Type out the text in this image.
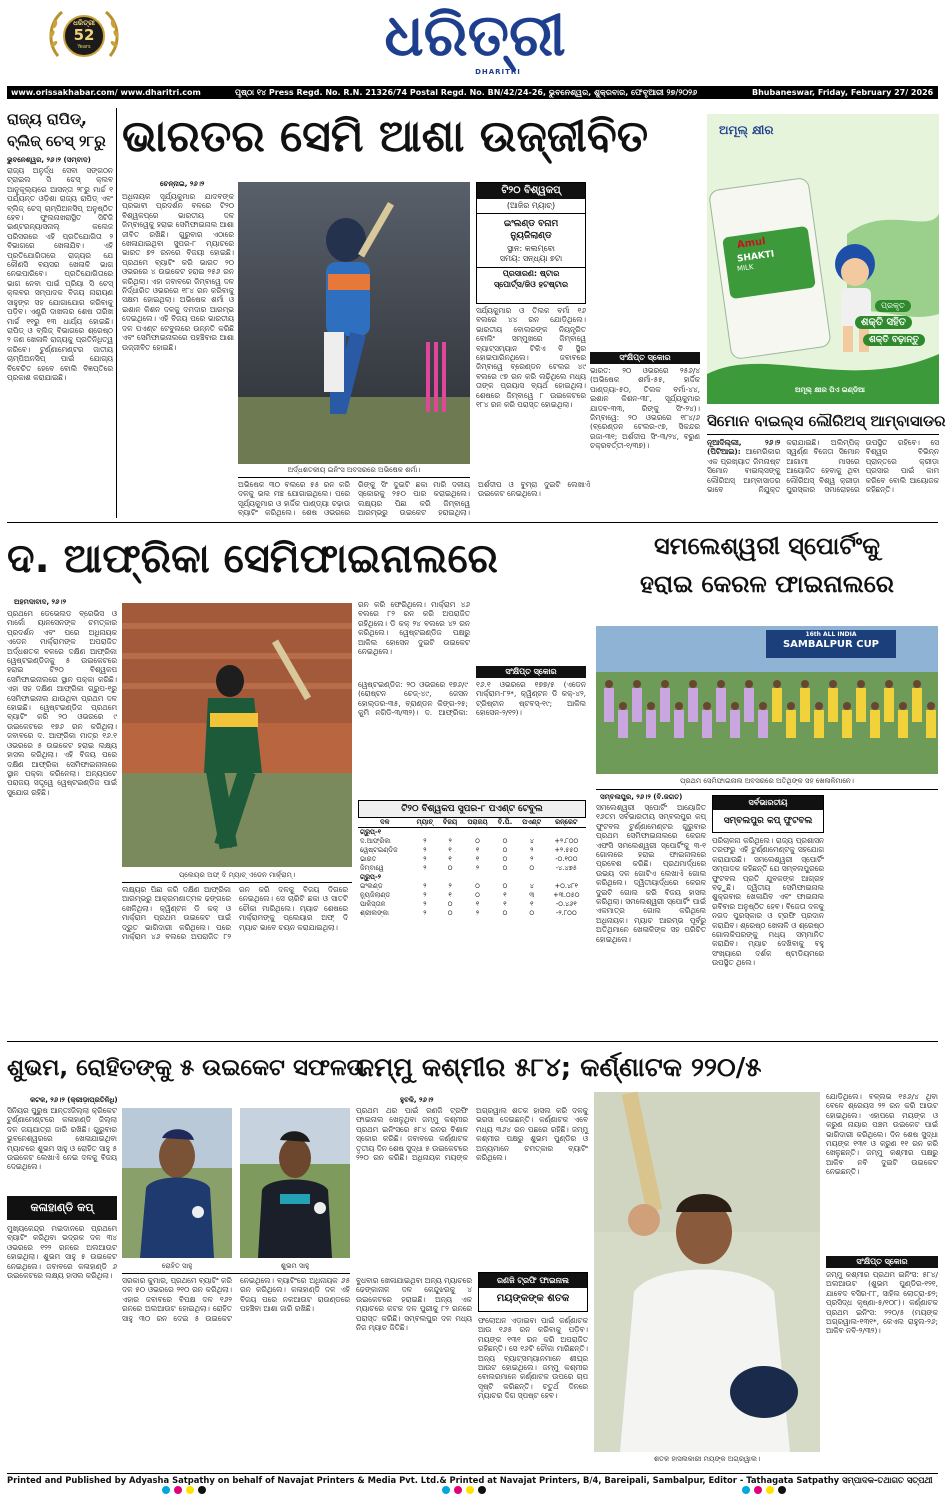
ଧରିତ୍ରୀ
52
Years	ଧରିତ୍ରୀ
DHARITRI
www.orissakhabar.com/ www.dharitri.com	ପୃଷ୍ଠା ୧୪ Press Regd. No. R.N. 21326/74 Postal Regd. No. BN/42/24-26, ଭୁବନେଶ୍ୱର, ଶୁକ୍ରବାର, ଫେବୃଆରୀ ୨୭/୨୦୨୬	Bhubaneswar, Friday, February 27/ 2026
ରାଜ୍ୟ ରାପିଡ୍, ବ୍ଲିଜ୍ ଚେସ୍ ୨୮ରୁ
ଭୁବନେଶ୍ୱର, ୨୬।୨ (ସମ୍ବାଦ)
ରାଜ୍ୟ ଅନୁର୍ଦ୍ଧ ସେବା ସଙ୍ଗଠନ ଟ୍ରାଇଲ ସି ଚେସ୍ କ୍ଲବ ଆନୁକୂଲ୍ୟରେ ଆସନ୍ତା ୨୮ରୁ ମାର୍ଚ୍ଚ ୧ ପର୍ଯ୍ୟନ୍ତ ଓଡ଼ିଶା ରାଜ୍ୟ ରାପିଡ୍ ଏବଂ ବ୍ଲିଜ୍ ଚେସ୍ ଚାମ୍ପିଅନସିପ୍ ଅନୁଷ୍ଠିତ ହେବ। ଫୁଲନାଖରାସ୍ଥିତ ସିଟିଜି ଇଣ୍ଟରନ୍ୟାସନାଲ୍ କଲେଜ ପରିସରରେ ଏହି ପ୍ରତିଯୋଗିତା ୨ ବିଭାଗରେ ଖେଳାଯିବ। ଏହି ପ୍ରତିଯୋଗିତାରେ ରାଜ୍ୟର ଯେ କୌଣସି ବୟସର ଖେଳାଳି ଭାଗ ନେଇପାରିବେ। ପ୍ରତିଯୋଗିତାରେ ଭାଗ ନେବା ପାଇଁ ପ୍ରିୟା ସି ଚେସ୍ କ୍ଲବର ସମ୍ପାଦକ ବିଜୟ ନାରାୟଣ ସାହୁଙ୍କ ସହ ଯୋଗାଯୋଗ କରିବାକୁ ପଡ଼ିବ। ଏଣ୍ଟ୍ରି ଦାଖଲର ଶେଷ ତାରିଖ ମାର୍ଚ୍ଚ ୧୧ରୁ ୧୩ ଧାର୍ଯ୍ୟ ହୋଇଛି। ରାପିଡ୍ ଓ ବ୍ଲିଜ୍ ବିଭାଗରେ ଶ୍ରେଷ୍ଠ ୨ ଜଣ ଖେଳାଳି ରାଜ୍ୟକୁ ପ୍ରତିନିଧିତ୍ୱ କରିବେ। ଟୁର୍ଣ୍ଣାମେଣ୍ଟର ଜାତୀୟ ଚାମ୍ପିଅନସିପ୍ ପାଇଁ ଯୋଗ୍ୟ ବିବେଚିତ ହେବେ ବୋଲି ବିଜ୍ଞପ୍ତିରେ ପ୍ରକାଶ କରାଯାଇଛି।
ଭାରତର ସେମି ଆଶା ଉଜ୍ଜୀବିତ
ଚେନ୍ନାଇ, ୨୬।୨
ଅଧିନାୟକ ସୂର୍ଯ୍ୟକୁମାର ଯାଦବଙ୍କ ପ୍ରଭାବୀ ପ୍ରଦର୍ଶନ ବଳରେ ଟି୨୦ ବିଶ୍ୱକପ୍ରେ ଭାରତୀୟ ଦଳ ଜିମ୍ବାୱେକୁ ହରାଇ ସେମିଫାଇନାଲ ଆଶା ଜୀବିତ ରଖିଛି। ଗୁରୁବାର ଏଠାରେ ଖେଳାଯାଇଥିବା ସୁପର-୮ ମ୍ୟାଚରେ ଭାରତ ୭୨ ରନରେ ବିଜୟୀ ହୋଇଛି। ପ୍ରଥମେ ବ୍ୟାଟିଂ କରି ଭାରତ ୨୦ ଓଭରରେ ୪ ଉଇକେଟ ହରାଇ ୨୫୬ ରନ କରିଥିଲା। ଏହା ଜବାବରେ ଜିମ୍ବାୱେ ଦଳ ନିର୍ଦ୍ଧାରିତ ଓଭରରେ ୧୮୪ ରନ କରିବାକୁ ସକ୍ଷମ ହୋଇଥିଲା। ଅଭିଷେକ ଶର୍ମା ଓ ଇଶାନ କିଶନ ଦଳକୁ ଦମଦାର ଆରମ୍ଭ ଦେଇଥିଲେ। ଏହି ବିଜୟ ପରେ ଭାରତୀୟ ଦଳ ପଏଣ୍ଟ ଟେବୁଲରେ ଉନ୍ନତି କରିଛି ଏବଂ ସେମିଫାଇନାଲରେ ପହଞ୍ଚିବାର ଆଶା ଉଜ୍ଜୀବିତ ହୋଇଛି।
ଅର୍ଦ୍ଧଶତକୀୟ ଇନିଂସ ଅବସରରେ ଅଭିଷେକ ଶର୍ମା।
ଅଭିଷେକ ୩୦ ବଲରେ ୫୫ ରନ କରି ଦଳକୁ ଭଲ ମଞ୍ଚ ଯୋଗାଇଥିଲେ। ପରେ ସୂର୍ଯ୍ୟକୁମାର ଓ ହାର୍ଦ୍ଦିକ ପାଣ୍ଡ୍ୟା ଚଢ଼ାଉ ବ୍ୟାଟିଂ କରିଥିଲେ। ଶେଷ ଓଭରରେ ରିଙ୍କୁ ସିଂ ଦୁଇଟି ଛକା ମାରି ଦଳୀୟ ସ୍କୋରକୁ ୨୫୦ ପାର କରାଇଥିଲେ। ଲକ୍ଷ୍ୟର ପିଛା କରି ଜିମ୍ବାୱେ ଆରମ୍ଭରୁ ଉଇକେଟ ହରାଇଥିଲା। ଅର୍ଶଦୀପ ଓ ବୁମ୍ରା ଦୁଇଟି ଲେଖାଏଁ ଉଇକେଟ ନେଇଥିଲେ।
ଟି୨୦ ବିଶ୍ୱକପ୍
(ଆଜିର ମ୍ୟାଚ୍)
ଇଂଲଣ୍ଡ ବନାମ ନ୍ୟୁଜିଲାଣ୍ଡ
ସ୍ଥାନ: କଲମ୍ବୋ
ସମୟ: ସନ୍ଧ୍ୟା ୭ଟା
ପ୍ରସାରଣ: ଷ୍ଟାର
ସ୍ପୋର୍ଟ୍ସ/ଜିଓ ହଟଷ୍ଟାର
ସର୍ଯ୍ୟକୁମାର ଓ ତିଲକ ବର୍ମା ୧୬ ବଲରେ ୪୪ ରନ ଯୋଡ଼ିଥିଲେ। ଭାରତୀୟ ବୋଲରଙ୍କ ନିୟନ୍ତ୍ରିତ ବୋଲିଂ ସମ୍ମୁଖରେ ଜିମ୍ବାୱେ ବ୍ୟାଟ୍ସମ୍ୟାନ ଟିକିଏ ବି ସ୍ଥିର ହୋଇପାରିନଥିଲେ। ଜବାବରେ ଜିମ୍ବାୱେ ବ୍ରେଣ୍ଡନ ଟେଲର ୪୯ ବଲରେ ୯୭ ରନ କରି ଲଢ଼ିଥିଲେ ମଧ୍ୟ ତାଙ୍କ ପ୍ରୟାସ ବ୍ୟର୍ଥ ହୋଇଥିଲା। ଶେଷରେ ଜିମ୍ବାୱେ ୮ ଉଇକେଟରେ ୧୮୪ ରନ କରି ପରାସ୍ତ ହୋଇଥିଲା।
ସଂକ୍ଷିପ୍ତ ସ୍କୋର
ଭାରତ: ୨୦ ଓଭରରେ ୨୫୬/୪ (ଅଭିଷେକ ଶର୍ମା-୫୫, ହାର୍ଦ୍ଦିକ ପାଣ୍ଡ୍ୟା-୫୦, ତିଲକ ବର୍ମା-୪୪, ଇଶାନ କିଶନ-୩୮, ସୂର୍ଯ୍ୟକୁମାର ଯାଦବ-୩୩, ରିଙ୍କୁ ସିଂ-୨୪)। ଜିମ୍ବାୱେ: ୨୦ ଓଭରରେ ୧୮୪/୬ (ବ୍ରେଣ୍ଡନ ଟେଲର-୯୭, ସିକନ୍ଦର ରଜା-୩୧; ଅର୍ଶଦୀପ ସିଂ-୩/୨୪, ବରୁଣ ଚକ୍ରବର୍ତ୍ତୀ-୧/୩୭)।
ଅମୂଲ୍ କ୍ଷୀର
Amul
SHAKTI
MILK
ପ୍ରକୃତ
ଶକ୍ତି ସହିତ
ଶକ୍ତି ବଢ଼ାନ୍ତୁ
ଅମୂଲ୍ କ୍ଷୀର ପିଏ ଇଣ୍ଡିଆ
ସିମୋନ ବାଇଲ୍ସ ଲୌରିଅସ୍ ଆମ୍ବାସାଡର
ନୂଆଦିଲ୍ଲୀ, ୨୬।୨ (ପିଟିଆଇ): ଆମେରିକାର ଏକ ପ୍ରଖ୍ୟାତ ଜିମନାଷ୍ଟ ସିମୋନ ବାଇଲ୍ସଙ୍କୁ ଲୌରିଅସ୍ ଆମ୍ବାସାଡର ଭାବେ ନିଯୁକ୍ତ କରାଯାଇଛି। ଅଲିମ୍ପିକ୍ ସ୍ୱର୍ଣ୍ଣ ବିଜେତା ସିମୋନ ଆଗାମୀ ମାସରେ ଆୟୋଜିତ ହେବାକୁ ଥିବା ଲୌରିଅସ୍ ବିଶ୍ୱ କ୍ରୀଡ଼ା ପୁରସ୍କାର ସମାରୋହରେ ଉପସ୍ଥିତ ରହିବେ। ସେ ବିଶ୍ୱର ବିଭିନ୍ନ ପ୍ରାନ୍ତରେ କ୍ରୀଡ଼ା ପ୍ରସାର ପାଇଁ କାମ କରିବେ ବୋଲି ଆୟୋଜକ କହିଛନ୍ତି।
ଦ. ଆଫ୍ରିକା ସେମିଫାଇନାଲରେ
ଅହମଦାବାଦ, ୨୬।୨
ପ୍ରଥମେ ଡେଭେଲଡ ବ୍ରେଭିସ ଓ ମାର୍କୋ ୟାନସେନଙ୍କ ଚମତ୍କାର ପ୍ରଦର୍ଶନ ଏବଂ ପରେ ଅଧିନାୟକ ଏଡେନ ମାର୍କ୍ରାମଙ୍କ ଅପରାଜିତ ଅର୍ଦ୍ଧଶତକ ବଳରେ ଦକ୍ଷିଣ ଆଫ୍ରିକା ୱେଷ୍ଟଇଣ୍ଡିଜକୁ ୫ ଉଇକେଟରେ ହରାଇ ଟି୨୦ ବିଶ୍ୱକପ ସେମିଫାଇନାଲରେ ସ୍ଥାନ ପକ୍କା କରିଛି। ଏହା ସହ ଦକ୍ଷିଣ ଆଫ୍ରିକା ଗ୍ରୁପ-୧ରୁ ସେମିଫାଇନାଲ ଯାଉଥିବା ପ୍ରଥମ ଦଳ ହୋଇଛି। ୱେଷ୍ଟଇଣ୍ଡିଜ ପ୍ରଥମେ ବ୍ୟାଟିଂ କରି ୨୦ ଓଭରରେ ୯ ଉଇକେଟରେ ୧୭୬ ରନ କରିଥିଲା। ଜବାବରେ ଦ. ଆଫ୍ରିକା ମାତ୍ର ୧୬.୧ ଓଭରରେ ୫ ଉଇକେଟ ହରାଇ ଲକ୍ଷ୍ୟ ହାସଲ କରିଥିଲା। ଏହି ବିଜୟ ପରେ ଦକ୍ଷିଣ ଆଫ୍ରିକା ସେମିଫାଇନାଲରେ ସ୍ଥାନ ପକ୍କା କରିନେଲା। ଅନ୍ୟପଟେ ପରାଜୟ ସତ୍ତ୍ୱେ ୱେଷ୍ଟଇଣ୍ଡିଜ ପାଇଁ ସୁଯୋଗ ରହିଛି।
ପ୍ଲେୟର ଅଫ୍ ଦି ମ୍ୟାଚ୍ ଏଡେନ ମାର୍କ୍ରାମ୍।
ଲକ୍ଷ୍ୟର ପିଛା କରି ଦକ୍ଷିଣ ଆଫ୍ରିକା ଆରମ୍ଭରୁ ଆକ୍ରମଣାତ୍ମକ ଢଙ୍ଗରେ ଖେଳିଥିଲା। କ୍ୱିଣ୍ଟନ ଡି କକ୍ ଓ ମାର୍କ୍ରାମ ପ୍ରଥମ ଉଇକେଟ ପାଇଁ ଦ୍ରୁତ ଭାଗିଦାରୀ କରିଥିଲେ। ପରେ ମାର୍କ୍ରାମ ୪୬ ବଲରେ ଅପରାଜିତ ୮୨ ରନ କରି ଦଳକୁ ବିଜୟ ଦିଗରେ ନେଇଥିଲେ। ସେ ଚାରିଟି ଛକା ଓ ସାତଟି ଚୌକା ମାରିଥିଲେ। ମ୍ୟାଚ ଶେଷରେ ମାର୍କ୍ରାମଙ୍କୁ ପ୍ଲେୟାର ଅଫ୍ ଦି ମ୍ୟାଚ ଭାବେ ଚୟନ କରାଯାଇଥିଲା।
ରନ କରି ଫେରିଥିଲେ। ମାର୍କ୍ରାମ ୪୬ ବଲରେ ୮୨ ରନ କରି ଅପରାଜିତ ରହିଥିଲେ। ଡି କକ୍ ୨୪ ବଲରେ ୪୨ ରନ କରିଥିଲେ। ୱେଷ୍ଟଇଣ୍ଡିଜ ପକ୍ଷରୁ ଆକିଲ ହୋସେନ ଦୁଇଟି ଉଇକେଟ ନେଇଥିଲେ।
ସଂକ୍ଷିପ୍ତ ସ୍କୋର
ୱେଷ୍ଟଇଣ୍ଡିଜ: ୨୦ ଓଭରରେ ୧୭୬/୯ (ରୋଷ୍ଟନ ଚେଜ୍-୪୯, ଜେସନ ହୋଲ୍ଡର-୩୫, ବ୍ରାଣ୍ଡନ କିଙ୍ଗ-୨୫; କୁମି ନଗିଡି-୩/୩୨)। ଦ. ଆଫ୍ରିକା: ୧୬.୧ ଓଭରରେ ୧୭୭/୫ (ଏଡେନ ମାର୍କ୍ରାମ-୮୨*, କ୍ୱିଣ୍ଟନ ଡି କକ୍-୪୨, ଟ୍ରିଷ୍ଟାନ ଷ୍ଟବସ୍-୧୯; ଆକିଲ ହୋସେନ-୨/୧୨)।
ଟି୨୦ ବିଶ୍ୱକପ ସୁପର-୮ ପଏଣ୍ଟ ଟେବୁଲ
ଦଳ	ମ୍ୟାଚ୍	ବିଜୟ	ପରାଜୟ	ବି.ପି.	ପଏଣ୍ଟ	ରନ୍‌ରେଟ
ଗ୍ରୁପ୍-୧						
ଦ.ଆଫ୍ରିକା	୨	୨	୦	୦	୪	+୨.୮୦୦
ୱେଷ୍ଟଇଣ୍ଡିଜ	୨	୧	୧	୦	୨	+୨.୫୫୦
ଭାରତ	୨	୧	୧	୦	୨	-୦.୧୦୦
ଜିମ୍ବାୱେ	୨	୦	୨	୦	୦	-୪.୪୭୫
ଗ୍ରୁପ୍-୨						
ଇଂଲଣ୍ଡ	୨	୨	୦	୦	୪	+୦.୪୮୧
ନ୍ୟୁଜିଲାଣ୍ଡ	୨	୧	୦	୧	୩	+୩.୦୫୦
ପାକିସ୍ତାନ	୨	୦	୧	୧	୧	-୦.୪୬୧
ଶ୍ରୀଲଙ୍କା	୨	୦	୨	୦	୦	-୨.୮୦୦
ସମଲେଶ୍ୱରୀ ସ୍ପୋର୍ଟିଂକୁ
ହରାଇ କେରଳ ଫାଇନାଲରେ
16th ALL INDIA
SAMBALPUR CUP
ପ୍ରଥମ ସେମିଫାଇନାଲ ଅବସରରେ ଅତିଥିଙ୍କ ସହ ଖେଳାଳିମାନେ।
ସମ୍ବଲପୁର, ୨୬।୨ (ବି.ଜଗତ)
ସମଲେଶ୍ୱରୀ ସ୍ପୋର୍ଟିଂ ଆୟୋଜିତ ୧୬ତମ ସର୍ବଭାରତୀୟ ସମ୍ବଲପୁର କପ୍ ଫୁଟବଲ ଟୁର୍ଣ୍ଣାମେଣ୍ଟର ଗୁରୁବାର ପ୍ରଥମ ସେମିଫାଇନାଲରେ କେରଳ ଏଫସି ସମଲେଶ୍ୱରୀ ସ୍ପୋର୍ଟିଂକୁ ୩-୧ ଗୋଲରେ ହରାଇ ଫାଇନାଲରେ ପ୍ରବେଶ କରିଛି। ପ୍ରଥମାର୍ଦ୍ଧରେ ଉଭୟ ଦଳ ଗୋଟିଏ ଲେଖାଏଁ ଗୋଲ କରିଥିଲେ। ଦ୍ୱିତୀୟାର୍ଦ୍ଧରେ କେରଳ ଦୁଇଟି ଗୋଲ କରି ବିଜୟ ହାସଲ କରିଥିଲା। ସମଲେଶ୍ୱରୀ ସ୍ପୋର୍ଟିଂ ପାଇଁ ଏକମାତ୍ର ଗୋଲ କରିଥିଲେ ଅଧିନାୟକ। ମ୍ୟାଚ ଆରମ୍ଭ ପୂର୍ବରୁ ଅତିଥିମାନେ ଖେଳାଳିଙ୍କ ସହ ପରିଚିତ ହୋଇଥିଲେ।
ସର୍ବଭାରତୀୟ
ସମ୍ବଲପୁର କପ୍ ଫୁଟବଲ
ପରିଚାଳନା କରିଥିଲେ। ରାଜ୍ୟ ପ୍ରଶାସନ ତରଫରୁ ଏହି ଟୁର୍ଣ୍ଣାମେଣ୍ଟକୁ ସହଯୋଗ କରାଯାଉଛି। ସମଲେଶ୍ୱରୀ ସ୍ପୋର୍ଟିଂ ସମ୍ପାଦକ କହିଛନ୍ତି ଯେ ସମ୍ବଲପୁରରେ ଫୁଟବଲ ପ୍ରତି ଯୁବକଙ୍କ ଆଗ୍ରହ ବଢ଼ୁଛି। ଦ୍ୱିତୀୟ ସେମିଫାଇନାଲ ଶୁକ୍ରବାର ଖେଳାଯିବ ଏବଂ ଫାଇନାଲ ରବିବାର ଅନୁଷ୍ଠିତ ହେବ। ବିଜେତା ଦଳକୁ ନଗଦ ପୁରସ୍କାର ଓ ଟ୍ରଫି ପ୍ରଦାନ କରାଯିବ। ଶ୍ରେଷ୍ଠ ଖେଳାଳି ଓ ଶ୍ରେଷ୍ଠ ଗୋଲକିପରଙ୍କୁ ମଧ୍ୟ ସମ୍ମାନିତ କରାଯିବ। ମ୍ୟାଚ ଦେଖିବାକୁ ବହୁ ସଂଖ୍ୟାରେ ଦର୍ଶକ ଷ୍ଟାଡିୟମରେ ଉପସ୍ଥିତ ଥିଲେ।
ଶୁଭମ, ରୋହିତଙ୍କୁ ୫ ଉଇକେଟ ସଫଳତା
କଟକ, ୨୬।୨ (କ୍ରୀଡ଼ାପ୍ରତିନିଧି)
ସିନିୟର ପୁରୁଷ ଆନ୍ତଃଜିଲ୍ଲା କ୍ରିକେଟ ଟୁର୍ଣ୍ଣାମେଣ୍ଟରେ କଳାହାଣ୍ଡି ଜିଲ୍ଲା ଦଳ ଜୟଯାତ୍ରା ଜାରି ରଖିଛି। ଗୁରୁବାର ଭୁବନେଶ୍ୱରରେ ଖେଳାଯାଇଥିବା ମ୍ୟାଚରେ ଶୁଭମ ସାହୁ ଓ ରୋହିତ ସାହୁ ୫ ଉଇକେଟ ଲେଖାଏଁ ନେଇ ଦଳକୁ ବିଜୟ ଦେଇଥିଲେ।
କଳାହାଣ୍ଡି କପ୍
ମୁଖ୍ୟକେନ୍ଦ୍ର ମଇଦାନରେ ପ୍ରଥମେ ବ୍ୟାଟିଂ କରିଥିବା ଭଦ୍ରକ ଦଳ ୩୪ ଓଭରରେ ୧୨୨ ରନରେ ଅଲଆଉଟ ହୋଇଥିଲା। ଶୁଭମ ସାହୁ ୫ ଉଇକେଟ ନେଇଥିଲେ। ଜବାବରେ କଳାହାଣ୍ଡି ୬ ଉଇକେଟରେ ଲକ୍ଷ୍ୟ ହାସଲ କରିଥିଲା।
ରୋହିତ ସାହୁ	ଶୁଭମ ସାହୁ
ସରକାର କୁମାର, ପ୍ରଥମେ ବ୍ୟାଟିଂ କରି ଦଳ ୫୦ ଓଭରରେ ୨୧୦ ରନ କରିଥିଲା। ଏହାର ଜବାବରେ ବିପକ୍ଷ ଦଳ ୧୬୨ ରନରେ ଅଲଆଉଟ ହୋଇଥିଲା। ରୋହିତ ସାହୁ ୩୦ ରନ ଦେଇ ୫ ଉଇକେଟ ନେଇଥିଲେ। ବ୍ୟାଟିଂରେ ଅଧିନାୟକ ୬୫ ରନ କରିଥିଲେ। କଳାହାଣ୍ଡି ଦଳ ଏହି ବିଜୟ ପରେ ନକଆଉଟ ରାଉଣ୍ଡରେ ପହଞ୍ଚିବା ଆଶା ଜାରି ରଖିଛି।
ବୁଧବାର ଖେଳାଯାଇଥିବା ଅନ୍ୟ ମ୍ୟାଚରେ ଢେଙ୍କାନାଳ ଦଳ କେନ୍ଦୁଝରକୁ ୪ ଉଇକେଟରେ ହରାଇଛି। ଅନ୍ୟ ଏକ ମ୍ୟାଚରେ କଟକ ଦଳ ପୁରୀକୁ ୮୨ ରନରେ ପରାସ୍ତ କରିଛି। ସମ୍ବଲପୁର ଦଳ ମଧ୍ୟ ନିଜ ମ୍ୟାଚ ଜିତିଛି।
ଜମ୍ମୁ କଶ୍ମୀର ୫୮୪; କର୍ଣ୍ଣାଟକ ୨୨୦/୫
ହୁବଳି, ୨୬।୨
ପ୍ରଥମ ଥର ପାଇଁ ରଣଜି ଟ୍ରଫି ଫାଇନାଲ ଖେଳୁଥିବା ଜମ୍ମୁ କଶ୍ମୀର ପ୍ରଥମ ଇନିଂସରେ ୫୮୪ ରନର ବିଶାଳ ସ୍କୋର କରିଛି। ଜବାବରେ କର୍ଣ୍ଣାଟକ ତୃତୀୟ ଦିନ ଶେଷ ସୁଦ୍ଧା ୫ ଉଇକେଟରେ ୨୨୦ ରନ କରିଛି। ଅଧିନାୟକ ମୟଙ୍କ ଅଗ୍ରୱାଲ ଶତକ ହାସଲ କରି ଦଳକୁ ଭରସା ଦେଇଛନ୍ତି। କର୍ଣ୍ଣାଟକ ଏବେ ମଧ୍ୟ ୩୬୪ ରନ ପଛରେ ରହିଛି। ଜମ୍ମୁ କଶ୍ମୀର ପକ୍ଷରୁ ଶୁଭମ ପୁଣ୍ଡିର ଓ ଅନ୍ୟମାନେ ଚମତ୍କାର ବ୍ୟାଟିଂ କରିଥିଲେ।
ରଣଜି ଟ୍ରଫି ଫାଇନାଲ
ମୟଙ୍କଙ୍କ ଶତକ
ଫଲୋଅନ ଏଡ଼ାଇବା ପାଇଁ କର୍ଣ୍ଣାଟକ ଆଉ ୧୬୫ ରନ କରିବାକୁ ପଡ଼ିବ। ମୟଙ୍କ ୧୩୧ ରନ କରି ଅପରାଜିତ ରହିଛନ୍ତି। ସେ ୧୬ଟି ଚୌକା ମାରିଛନ୍ତି। ଅନ୍ୟ ବ୍ୟାଟ୍ସମ୍ୟାନମାନେ ଶୀଘ୍ର ଆଉଟ ହୋଇଥିଲେ। ଜମ୍ମୁ କଶ୍ମୀର ବୋଲରମାନେ କର୍ଣ୍ଣାଟକ ଉପରେ ଚାପ ସୃଷ୍ଟି କରିଛନ୍ତି। ଚତୁର୍ଥ ଦିନରେ ମ୍ୟାଚର ଦିଗ ସ୍ପଷ୍ଟ ହେବ।
ଶତକ ହାସଲକାରୀ ମୟଙ୍କ ଅଗ୍ରୱାଲ।
ଯୋଡ଼ିଥିଲେ। ବଳ୍ଲଭ ୧୫୬/୪ ଥିବା ବେଳେ ଶ୍ରେୟସ ୨୨ ରନ କରି ଆଉଟ ହୋଇଥିଲେ। ଏହାପରେ ମୟଙ୍କ ଓ କରୁଣ ନାୟାର ପଞ୍ଚମ ଉଇକେଟ ପାଇଁ ଭାଗିଦାରୀ କରିଥିଲେ। ଦିନ ଶେଷ ସୁଦ୍ଧା ମୟଙ୍କ ୧୩୧ ଓ କରୁଣ ୧୧ ରନ କରି ଖେଳୁଛନ୍ତି। ଜମ୍ମୁ କଶ୍ମୀର ପକ୍ଷରୁ ଆକିବ ନବି ଦୁଇଟି ଉଇକେଟ ନେଇଛନ୍ତି।
ସଂକ୍ଷିପ୍ତ ସ୍କୋର
ଜମ୍ମୁ କଶ୍ମୀର ପ୍ରଥମ ଇନିଂସ: ୫୮୪/ଅଲଆଉଟ (ଶୁଭମ ପୁଣ୍ଡିର-୧୨୧, ଯାବେଦ ବସିର-୮୮, ସାହିଲ ଲୋତ୍ରା-୭୨; ପ୍ରସିଦ୍ଧ କୃଷ୍ଣା-୫/୧୦୮)। କର୍ଣ୍ଣାଟକ ପ୍ରଥମ ଇନିଂସ: ୨୨୦/୫ (ମୟଙ୍କ ଅଗ୍ରୱାଲ-୧୩୧*, କେଏଲ ରାହୁଲ-୨୬; ଆକିବ ନବି-୨/୩୨)।
Printed and Published by Adyasha Satpathy on behalf of Navajat Printers & Media Pvt. Ltd.& Printed at Navajat Printers, B/4, Bareipali, Sambalpur, Editor - Tathagata Satpathy ସମ୍ପାଦକ-ତଥାଗତ ସତ୍ପଥୀ
